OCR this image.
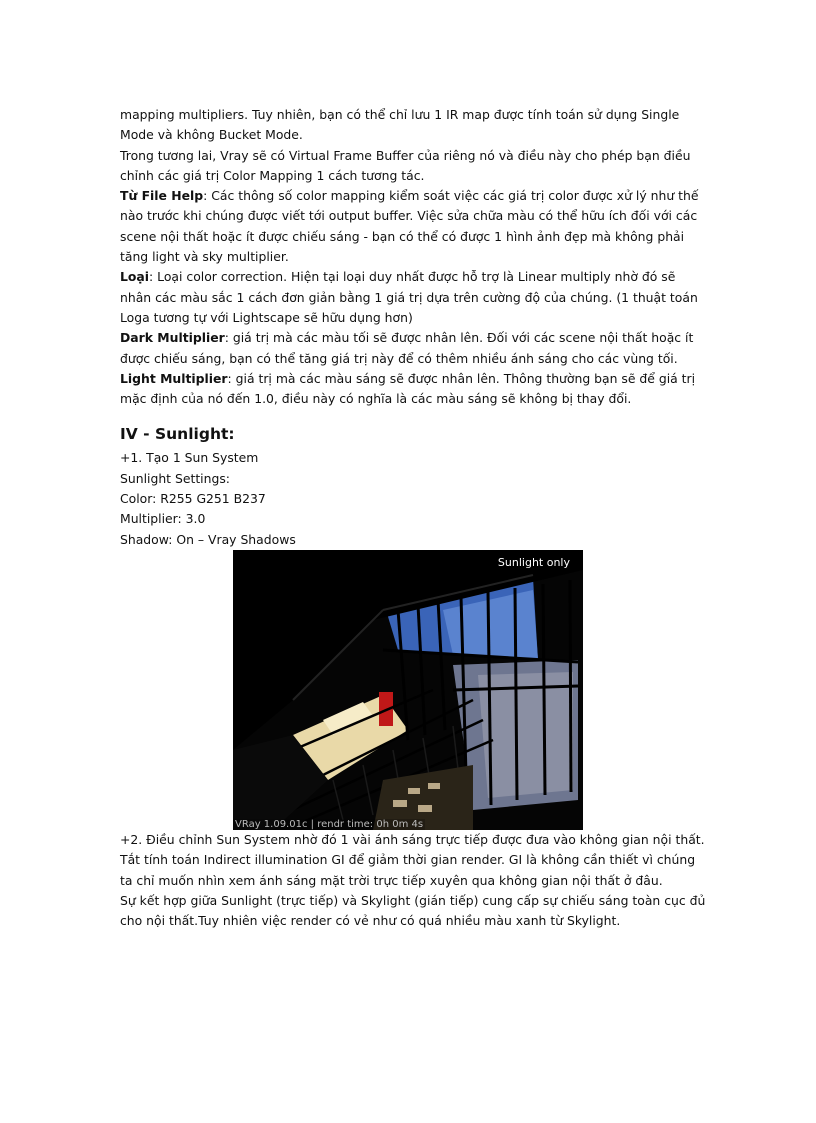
mapping multipliers. Tuy nhiên, bạn có thể chỉ lưu 1 IR map được tính toán sử dụng Single

Mode và không Bucket Mode.

Trong tương lai, Vray sẽ có Virtual Frame Buffer của riêng nó và điều này cho phép bạn điều

chỉnh các giá trị Color Mapping 1 cách tương tác.

Từ File Help: Các thông số color mapping kiểm soát việc các giá trị color được xử lý như thế

nào trước khi chúng được viết tới output buffer. Việc sửa chữa màu có thể hữu ích đối với các

scene nội thất hoặc ít được chiếu sáng - bạn có thể có được 1 hình ảnh đẹp mà không phải

tăng light và sky multiplier.

Loại: Loại color correction. Hiện tại loại duy nhất được hỗ trợ là Linear multiply nhờ đó sẽ

nhân các màu sắc 1 cách đơn giản bằng 1 giá trị dựa trên cường độ của chúng. (1 thuật toán

Loga tương tự với Lightscape sẽ hữu dụng hơn)

Dark Multiplier: giá trị mà các màu tối sẽ được nhân lên. Đối với các scene nội thất hoặc ít

được chiếu sáng, bạn có thể tăng giá trị này để có thêm nhiều ánh sáng cho các vùng tối.

Light Multiplier: giá trị mà các màu sáng sẽ được nhân lên. Thông thường bạn sẽ để giá trị

mặc định của nó đến 1.0, điều này có nghĩa là các màu sáng sẽ không bị thay đổi.

IV - Sunlight:

+1. Tạo 1 Sun System

Sunlight Settings:

Color: R255 G251 B237

Multiplier: 3.0

Shadow: On – Vray Shadows

Sunlight only
VRay 1.09.01c | rendr time: 0h 0m 4s

+2. Điều chỉnh Sun System nhờ đó 1 vài ánh sáng trực tiếp được đưa vào không gian nội thất.

Tắt tính toán Indirect illumination GI để giảm thời gian render. GI là không cần thiết vì chúng

ta chỉ muốn nhìn xem ánh sáng mặt trời trực tiếp xuyên qua không gian nội thất ở đâu.

Sự kết hợp giữa Sunlight (trực tiếp) và Skylight (gián tiếp) cung cấp sự chiếu sáng toàn cục đủ

cho nội thất.Tuy nhiên việc render có vẻ như có quá nhiều màu xanh từ Skylight.
